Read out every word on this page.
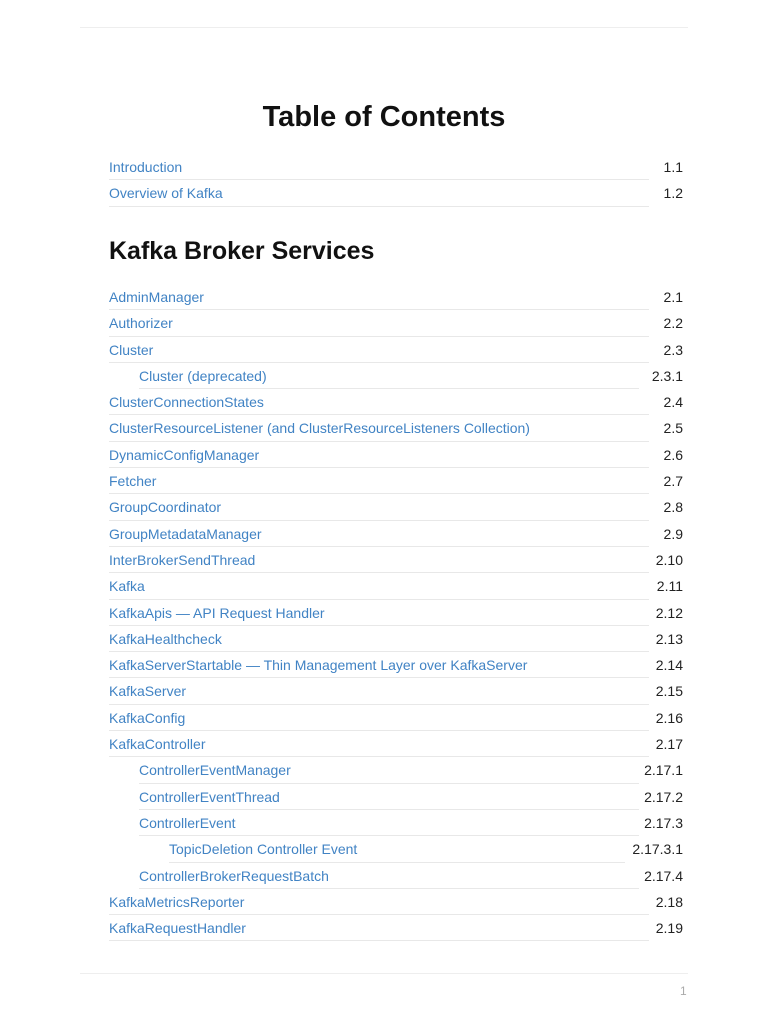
Table of Contents
Introduction	1.1
Overview of Kafka	1.2
Kafka Broker Services
AdminManager	2.1
Authorizer	2.2
Cluster	2.3
Cluster (deprecated)	2.3.1
ClusterConnectionStates	2.4
ClusterResourceListener (and ClusterResourceListeners Collection)	2.5
DynamicConfigManager	2.6
Fetcher	2.7
GroupCoordinator	2.8
GroupMetadataManager	2.9
InterBrokerSendThread	2.10
Kafka	2.11
KafkaApis — API Request Handler	2.12
KafkaHealthcheck	2.13
KafkaServerStartable — Thin Management Layer over KafkaServer	2.14
KafkaServer	2.15
KafkaConfig	2.16
KafkaController	2.17
ControllerEventManager	2.17.1
ControllerEventThread	2.17.2
ControllerEvent	2.17.3
TopicDeletion Controller Event	2.17.3.1
ControllerBrokerRequestBatch	2.17.4
KafkaMetricsReporter	2.18
KafkaRequestHandler	2.19
1
